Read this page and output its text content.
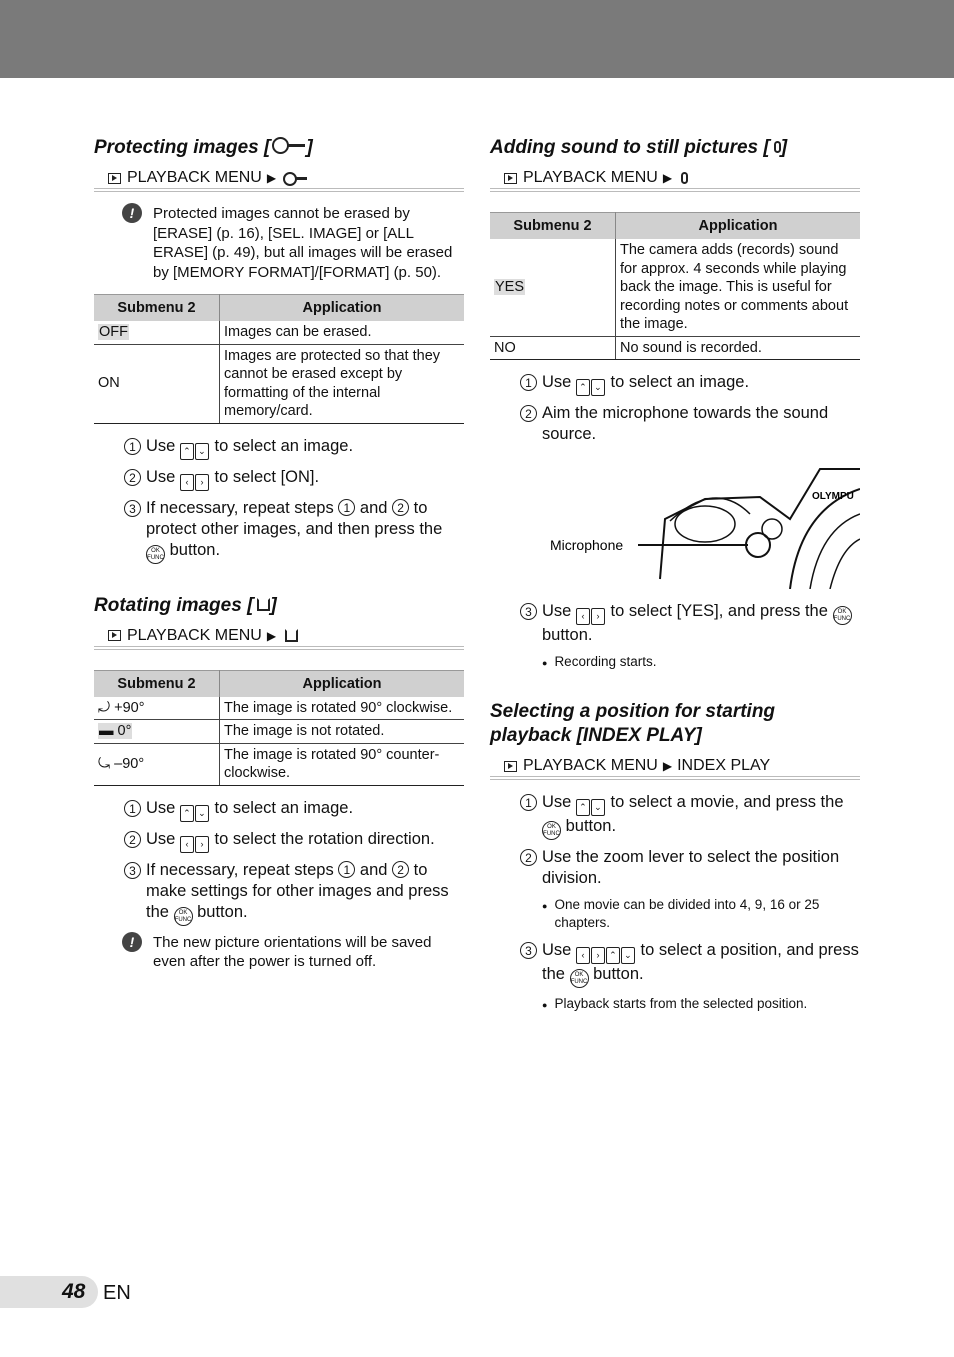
Protecting images [ ]
PLAYBACK MENU ▶
!	Protected images cannot be erased by [ERASE] (p. 16), [SEL. IMAGE] or [ALL ERASE] (p. 49), but all images will be erased by [MEMORY FORMAT]/[FORMAT] (p. 50).
Submenu 2	Application
OFF	Images can be erased.
ON	Images are protected so that they cannot be erased except by formatting of the internal memory/card.
1 Use ⌃ ⌄ to select an image.
2 Use ‹ › to select [ON].
3 If necessary, repeat steps 1 and 2 to protect other images, and then press the OK
FUNC button.
Rotating images [ ]
PLAYBACK MENU ▶
Submenu 2	Application
⤾ +90°	The image is rotated 90° clockwise.
▬ 0°	The image is not rotated.
⤿ –90°	The image is rotated 90° counter-clockwise.
1 Use ⌃ ⌄ to select an image.
2 Use ‹ › to select the rotation direction.
3 If necessary, repeat steps 1 and 2 to make settings for other images and press the OK
FUNC button.
!	The new picture orientations will be saved even after the power is turned off.
Adding sound to still pictures [ ]
PLAYBACK MENU ▶
Submenu 2	Application
YES	The camera adds (records) sound for approx. 4 seconds while playing back the image. This is useful for recording notes or comments about the image.
NO	No sound is recorded.
1 Use ⌃ ⌄ to select an image.
2 Aim the microphone towards the sound source.
Microphone
OLYMPU
3 Use ‹ › to select [YES], and press the OK
FUNC button.
● Recording starts.
Selecting a position for starting playback [INDEX PLAY]
PLAYBACK MENU ▶ INDEX PLAY
1 Use ⌃ ⌄ to select a movie, and press the OK
FUNC button.
2 Use the zoom lever to select the position division.
● One movie can be divided into 4, 9, 16 or 25 chapters.
3 Use ‹ › ⌃ ⌄ to select a position, and press the OK
FUNC button.
● Playback starts from the selected position.
48 EN
